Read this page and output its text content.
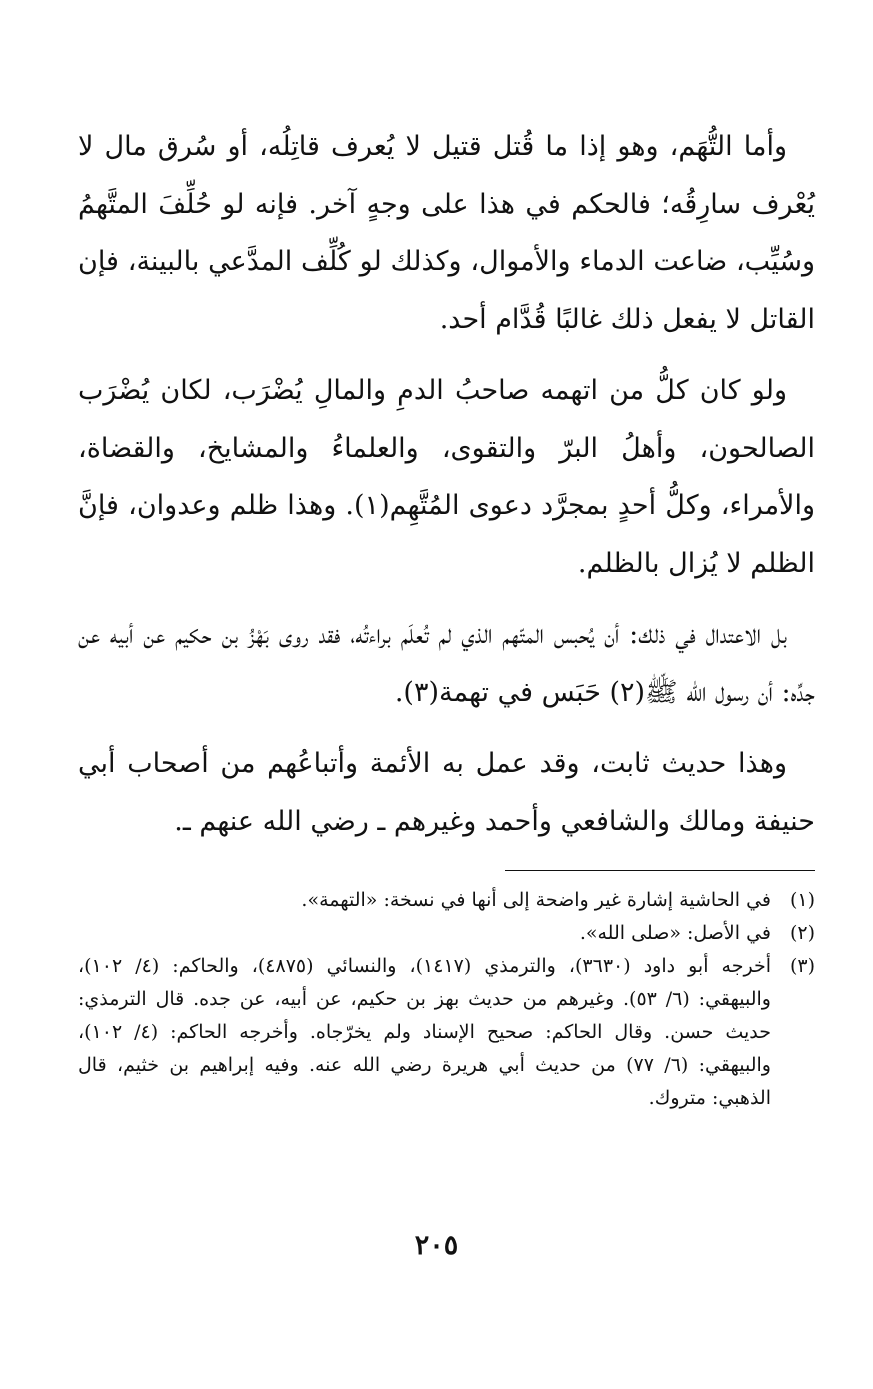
وأما التُّهَم، وهو إذا ما قُتل قتيل لا يُعرف قاتِلُه، أو سُرق مال لا يُعْرف سارِقُه؛ فالحكم في هذا على وجهٍ آخر. فإنه لو حُلِّفَ المتَّهمُ وسُيِّب، ضاعت الدماء والأموال، وكذلك لو كُلِّف المدَّعي بالبينة، فإن القاتل لا يفعل ذلك غالبًا قُدَّام أحد.

ولو كان كلُّ من اتهمه صاحبُ الدمِ والمالِ يُضْرَب، لكان يُضْرَب الصالحون، وأهلُ البرّ والتقوى، والعلماءُ والمشايخ، والقضاة، والأمراء، وكلُّ أحدٍ بمجرَّد دعوى المُتَّهِم(١). وهذا ظلم وعدوان، فإنَّ الظلم لا يُزال بالظلم.

بل الاعتدال في ذلك: أن يُحبس المتّهم الذي لم تُعلَم براءتُه، فقد روى بَهْزُ بن حكيم عن أبيه عن جدِّه: أن رسول الله ﷺ(٢) حَبَس في تهمة(٣).

وهذا حديث ثابت، وقد عمل به الأئمة وأتباعُهم من أصحاب أبي حنيفة ومالك والشافعي وأحمد وغيرهم ـ رضي الله عنهم ـ.

(١)
في الحاشية إشارة غير واضحة إلى أنها في نسخة: «التهمة».
(٢)
في الأصل: «صلى الله».
(٣)
أخرجه أبو داود (٣٦٣٠)، والترمذي (١٤١٧)، والنسائي (٤٨٧٥)، والحاكم: (٤/ ١٠٢)، والبيهقي: (٦/ ٥٣). وغيرهم من حديث بهز بن حكيم، عن أبيه، عن جده. قال الترمذي: حديث حسن. وقال الحاكم: صحيح الإسناد ولم يخرّجاه. وأخرجه الحاكم: (٤/ ١٠٢)، والبيهقي: (٦/ ٧٧) من حديث أبي هريرة رضي الله عنه. وفيه إبراهيم بن خثيم، قال الذهبي: متروك.
٢٠٥
